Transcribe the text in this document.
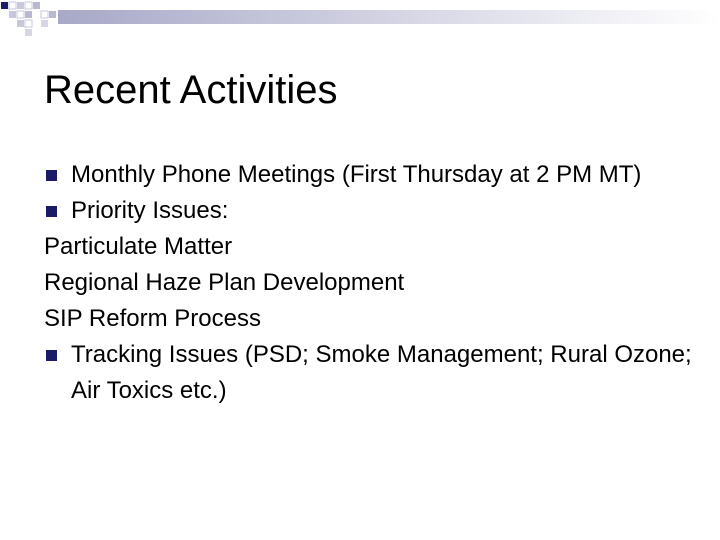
Recent Activities
Monthly Phone Meetings (First Thursday at 2 PM MT)
Priority Issues:
Particulate Matter
Regional Haze Plan Development
SIP Reform Process
Tracking Issues (PSD; Smoke Management; Rural Ozone; Air Toxics etc.)
